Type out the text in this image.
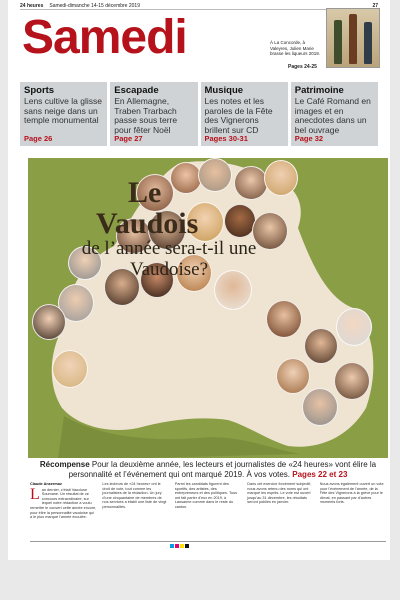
24 heures Samedi-dimanche 14-15 décembre 2019	27
Samedi	À La Concorde, à Valeyres, Julien Marie brasse les liqueurs 2019.
Pages 24-25
Sports

Lens cultive la glisse sans neige dans un temple monumental

Page 26
Escapade

En Allemagne, Traben Trarbach passe sous terre pour fêter Noël

Page 27
Musique

Les notes et les paroles de la Fête des Vignerons brillent sur CD

Pages 30-31
Patrimoine

Le Café Romand en images et en anecdotes dans un bel ouvrage

Page 32
Le
Vaudois
de l’année sera-t-il une Vaudoise?
Récompense Pour la deuxième année, les lecteurs et journalistes de «24 heures» vont élire la personnalité et l’événement qui ont marqué 2019. À vos votes. Pages 22 et 23
Claude Ansermoz
L an dernier, c’était Vaucluse Soumane. Un résultat de ce concours extraordinaire, sur lequel notre rédaction a voulu remettre le couvert cette année encore, pour élire la personnalité vaudoise qui a le plus marqué l’année écoulée.
Les lecteurs de «24 heures» ont le droit de vote, tout comme les journalistes de la rédaction. Un jury d’une cinquantaine de membres de nos services a établi une liste de vingt personnalités.
Parmi les candidats figurent des sportifs, des artistes, des entrepreneurs et des politiques. Tous ont fait parler d’eux en 2019, à Lausanne comme dans le reste du canton.
Dans cet exercice forcément subjectif, nous avons retenu des noms qui ont marqué les esprits. Le vote est ouvert jusqu’au 31 décembre, les résultats seront publiés en janvier.
Nous avons également ouvert un vote pour l’événement de l’année, de la Fête des Vignerons à la grève pour le climat, en passant par d’autres moments forts.
